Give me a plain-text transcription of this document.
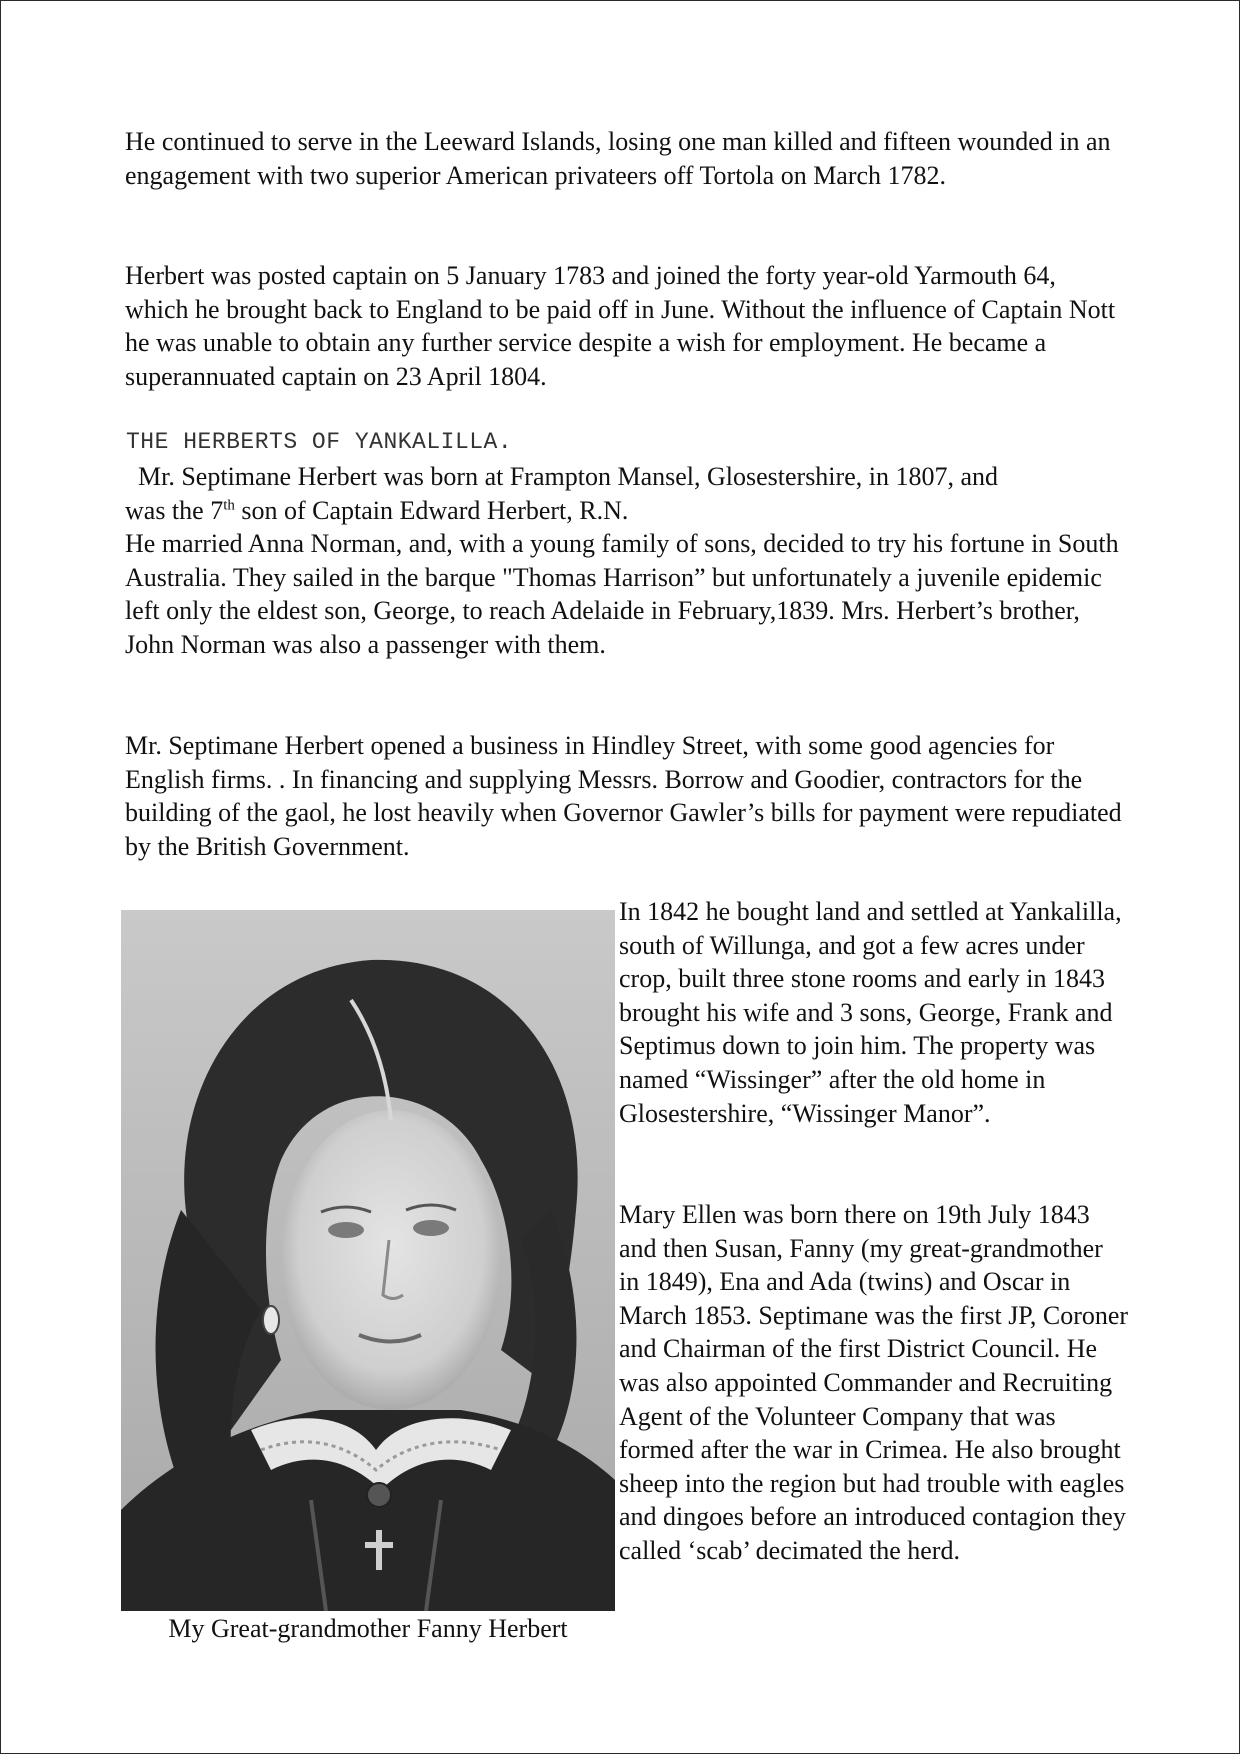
He continued to serve in the Leeward Islands, losing one man killed and fifteen wounded in an engagement with two superior American privateers off Tortola on March 1782.

Herbert was posted captain on 5 January 1783 and joined the forty year-old Yarmouth 64, which he brought back to England to be paid off in June. Without the influence of Captain Nott he was unable to obtain any further service despite a wish for employment. He became a superannuated captain on 23 April 1804.

THE HERBERTS OF YANKALILLA.
Mr. Septimane Herbert was born at Frampton Mansel, Glosestershire, in 1807, and
was the 7th son of Captain Edward Herbert, R.N.
He married Anna Norman, and, with a young family of sons, decided to try his fortune in South Australia. They sailed in the barque "Thomas Harrison” but unfortunately a juvenile epidemic left only the eldest son, George, to reach Adelaide in February,1839. Mrs. Herbert’s brother, John Norman was also a passenger with them.

Mr. Septimane Herbert opened a business in Hindley Street, with some good agencies for English firms. . In financing and supplying Messrs. Borrow and Goodier, contractors for the building of the gaol, he lost heavily when Governor Gawler’s bills for payment were repudiated by the British Government.

My Great-grandmother Fanny Herbert

In 1842 he bought land and settled at Yankalilla, south of Willunga, and got a few acres under crop, built three stone rooms and early in 1843 brought his wife and 3 sons, George, Frank and Septimus down to join him. The property was named “Wissinger” after the old home in Glosestershire, “Wissinger Manor”.

Mary Ellen was born there on 19th July 1843 and then Susan, Fanny (my great-grandmother in 1849), Ena and Ada (twins) and Oscar in March 1853. Septimane was the first JP, Coroner and Chairman of the first District Council. He was also appointed Commander and Recruiting Agent of the Volunteer Company that was formed after the war in Crimea. He also brought sheep into the region but had trouble with eagles and dingoes before an introduced contagion they called ‘scab’ decimated the herd.
